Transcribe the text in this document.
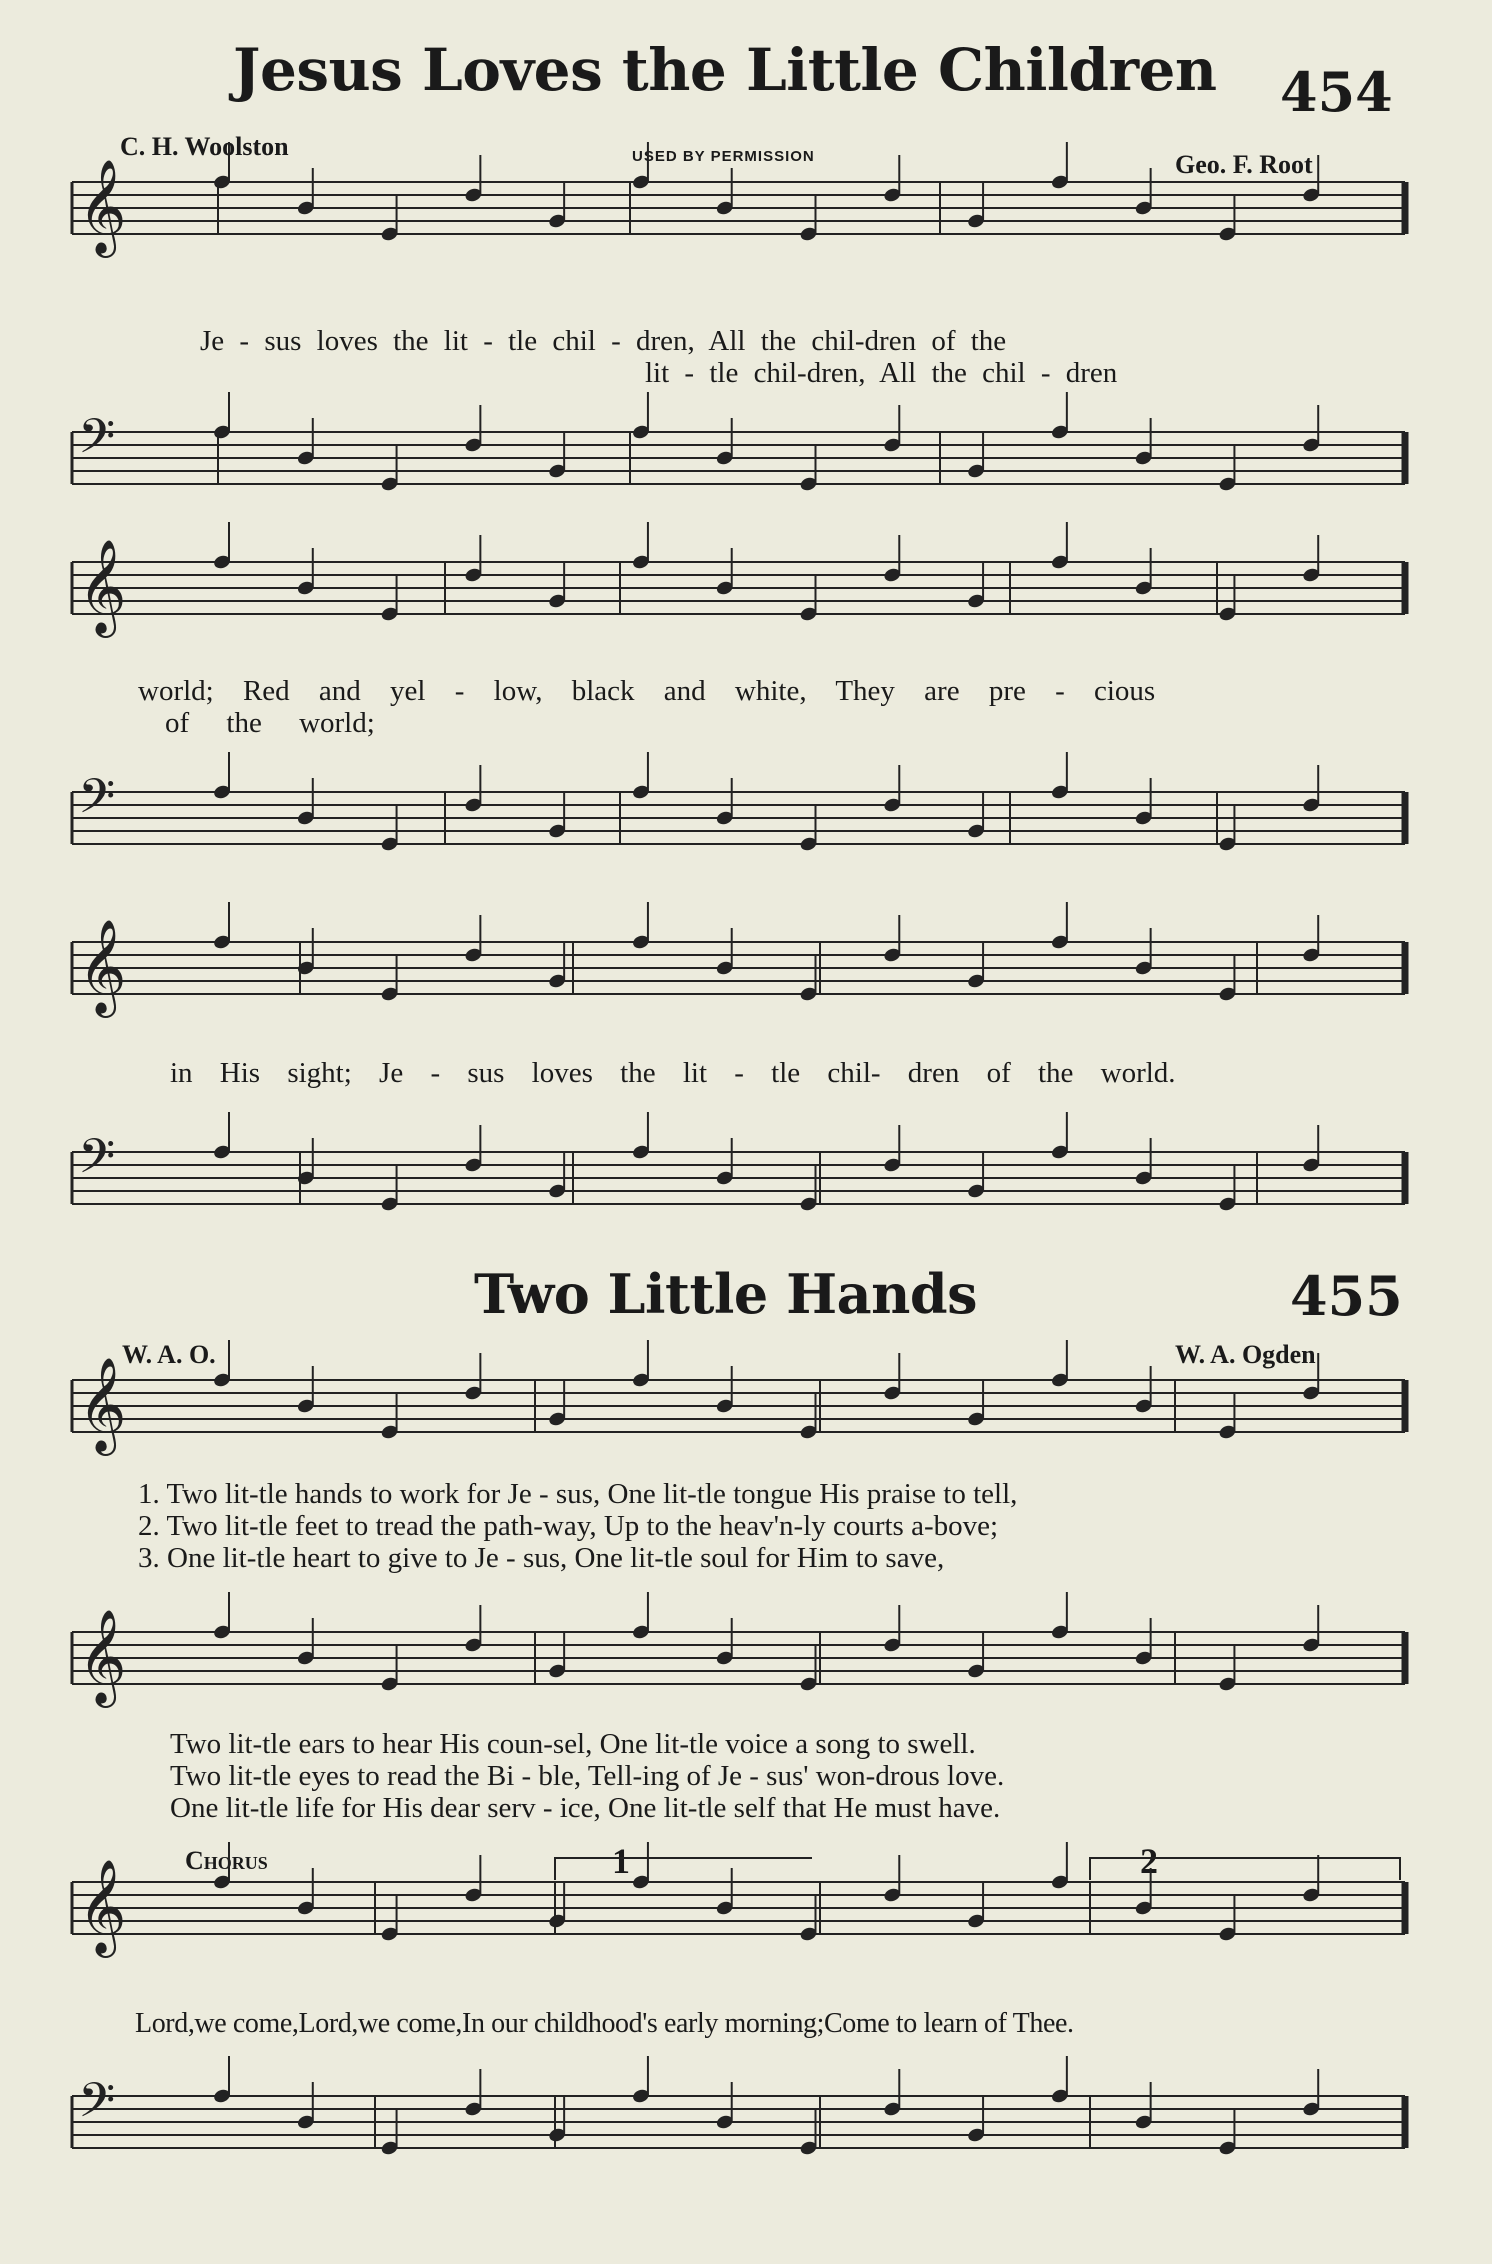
Jesus Loves the Little Children 454
C. H. Woolston	USED BY PERMISSION	Geo. F. Root
𝄞
Je - sus loves the lit - tle chil - dren, All the chil-dren of the
lit - tle chil-dren, All the chil - dren
𝄢
𝄞
world; Red and yel - low, black and white, They are pre - cious
of the world;
𝄢
𝄞
in His sight; Je - sus loves the lit - tle chil- dren of the world.
𝄢
Two Little Hands	455
W. A. O.	W. A. Ogden
𝄞
1. Two lit-tle hands to work for Je - sus, One lit-tle tongue His praise to tell,
2. Two lit-tle feet to tread the path-way, Up to the heav'n-ly courts a-bove;
3. One lit-tle heart to give to Je - sus, One lit-tle soul for Him to save,
𝄞
Two lit-tle ears to hear His coun-sel, One lit-tle voice a song to swell.
Two lit-tle eyes to read the Bi - ble, Tell-ing of Je - sus' won-drous love.
One lit-tle life for His dear serv - ice, One lit-tle self that He must have.
Chorus	1	2
𝄞
Lord,we come,Lord,we come,In our childhood's early morning;Come to learn of Thee.
𝄢
